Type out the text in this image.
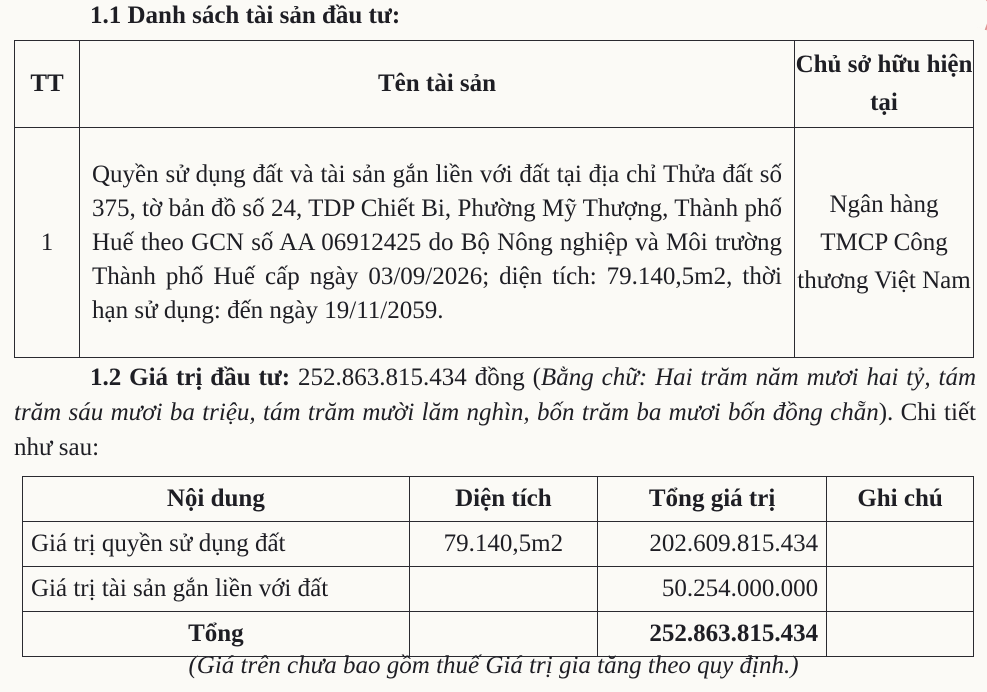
1.1 Danh sách tài sản đầu tư:
TT	Tên tài sản	Chủ sở hữu hiện tại
1	Quyền sử dụng đất và tài sản gắn liền với đất tại địa chỉ Thửa đất số 375, tờ bản đồ số 24, TDP Chiết Bi, Phường Mỹ Thượng, Thành phố Huế theo GCN số AA 06912425 do Bộ Nông nghiệp và Môi trường Thành phố Huế cấp ngày 03/09/2026; diện tích: 79.140,5m2, thời hạn sử dụng: đến ngày 19/11/2059.	Ngân hàng TMCP Công thương Việt Nam
1.2 Giá trị đầu tư: 252.863.815.434 đồng (Bằng chữ: Hai trăm năm mươi hai tỷ, tám trăm sáu mươi ba triệu, tám trăm mười lăm nghìn, bốn trăm ba mươi bốn đồng chẵn). Chi tiết như sau:
Nội dung	Diện tích	Tổng giá trị	Ghi chú
Giá trị quyền sử dụng đất	79.140,5m2	202.609.815.434	
Giá trị tài sản gắn liền với đất		50.254.000.000	
Tổng		252.863.815.434	
(Giá trên chưa bao gồm thuế Giá trị gia tăng theo quy định.)
